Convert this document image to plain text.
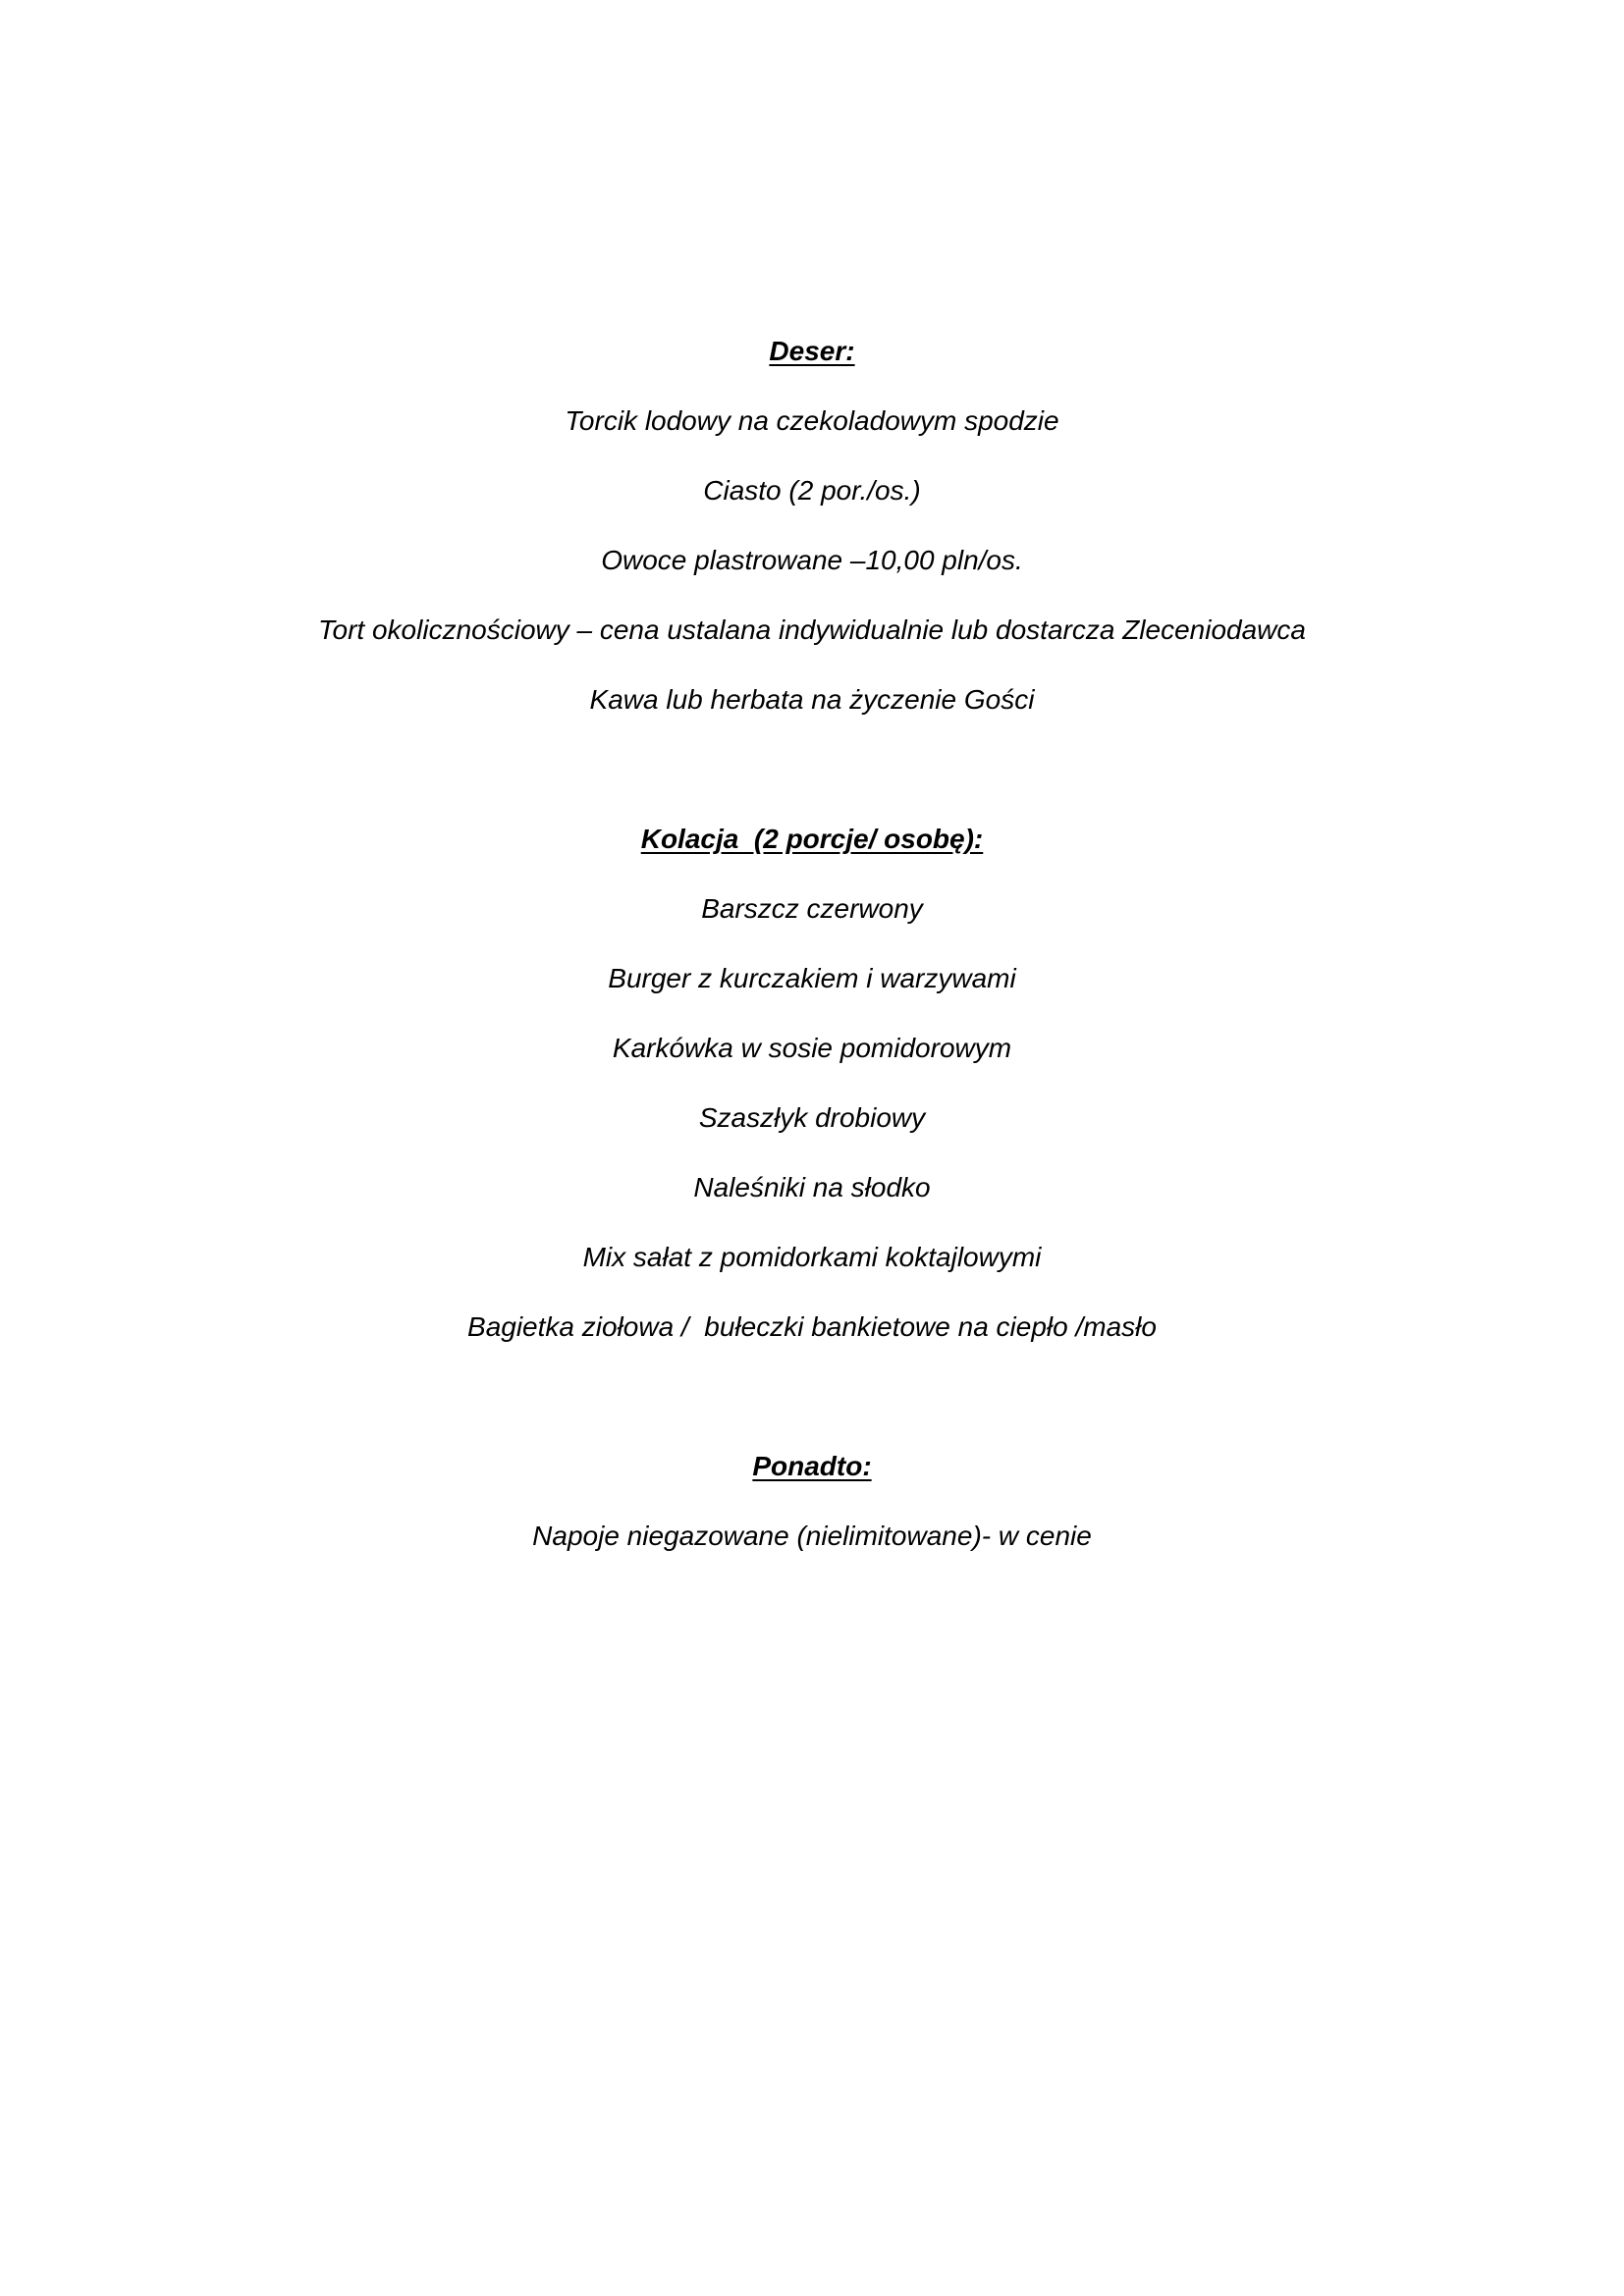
Deser:
Torcik lodowy na czekoladowym spodzie
Ciasto (2 por./os.)
Owoce plastrowane –10,00 pln/os.
Tort okolicznościowy – cena ustalana indywidualnie lub dostarcza Zleceniodawca
Kawa lub herbata na życzenie Gości
Kolacja  (2 porcje/ osobę):
Barszcz czerwony
Burger z kurczakiem i warzywami
Karkówka w sosie pomidorowym
Szaszłyk drobiowy
Naleśniki na słodko
Mix sałat z pomidorkami koktajlowymi
Bagietka ziołowa /  bułeczki bankietowe na ciepło /masło
Ponadto:
Napoje niegazowane (nielimitowane)- w cenie
